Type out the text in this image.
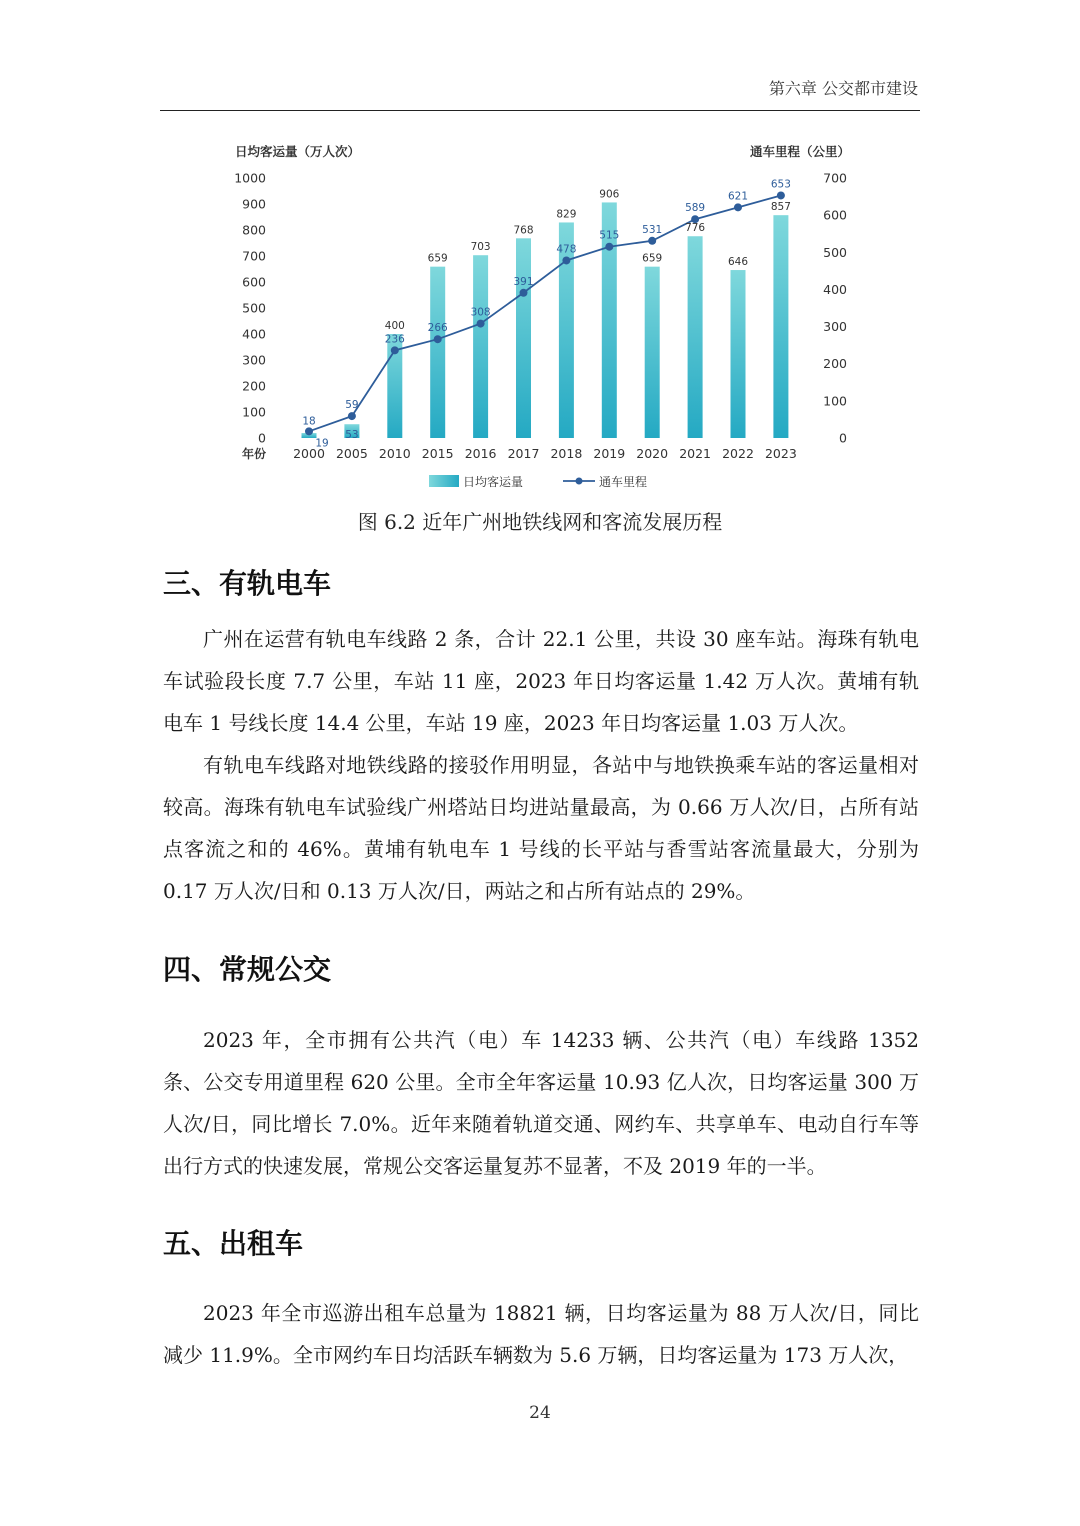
第六章 公交都市建设
日均客运量（万人次）	通车里程（公里）
0
100
200
300
400
500
600
700
800
900
1000
0
100
200
300
400
500
600
700
19
53
400
659
703
768
829
906
659
776
646
857
18
59
236
266
308
391
478
515 531
589
621
653
2000 2005 2010 2015 2016 2017 2018 2019 2020 2021 2022 2023
年份
日均客运量	通车里程
图 6.2 近年广州地铁线网和客流发展历程
三、有轨电车

广州在运营有轨电车线路 2 条，合计 22.1 公里，共设 30 座车站。海珠有轨电车试验段长度 7.7 公里，车站 11 座，2023 年日均客运量 1.42 万人次。黄埔有轨电车 1 号线长度 14.4 公里，车站 19 座，2023 年日均客运量 1.03 万人次。

有轨电车线路对地铁线路的接驳作用明显，各站中与地铁换乘车站的客运量相对较高。海珠有轨电车试验线广州塔站日均进站量最高，为 0.66 万人次/日，占所有站点客流之和的 46%。黄埔有轨电车 1 号线的长平站与香雪站客流量最大，分别为 0.17 万人次/日和 0.13 万人次/日，两站之和占所有站点的 29%。

四、常规公交

2023 年，全市拥有公共汽（电）车 14233 辆、公共汽（电）车线路 1352 条、公交专用道里程 620 公里。全市全年客运量 10.93 亿人次，日均客运量 300 万人次/日，同比增长 7.0%。近年来随着轨道交通、网约车、共享单车、电动自行车等出行方式的快速发展，常规公交客运量复苏不显著，不及 2019 年的一半。

五、出租车

2023 年全市巡游出租车总量为 18821 辆，日均客运量为 88 万人次/日，同比减少 11.9%。全市网约车日均活跃车辆数为 5.6 万辆，日均客运量为 173 万人次，

24
